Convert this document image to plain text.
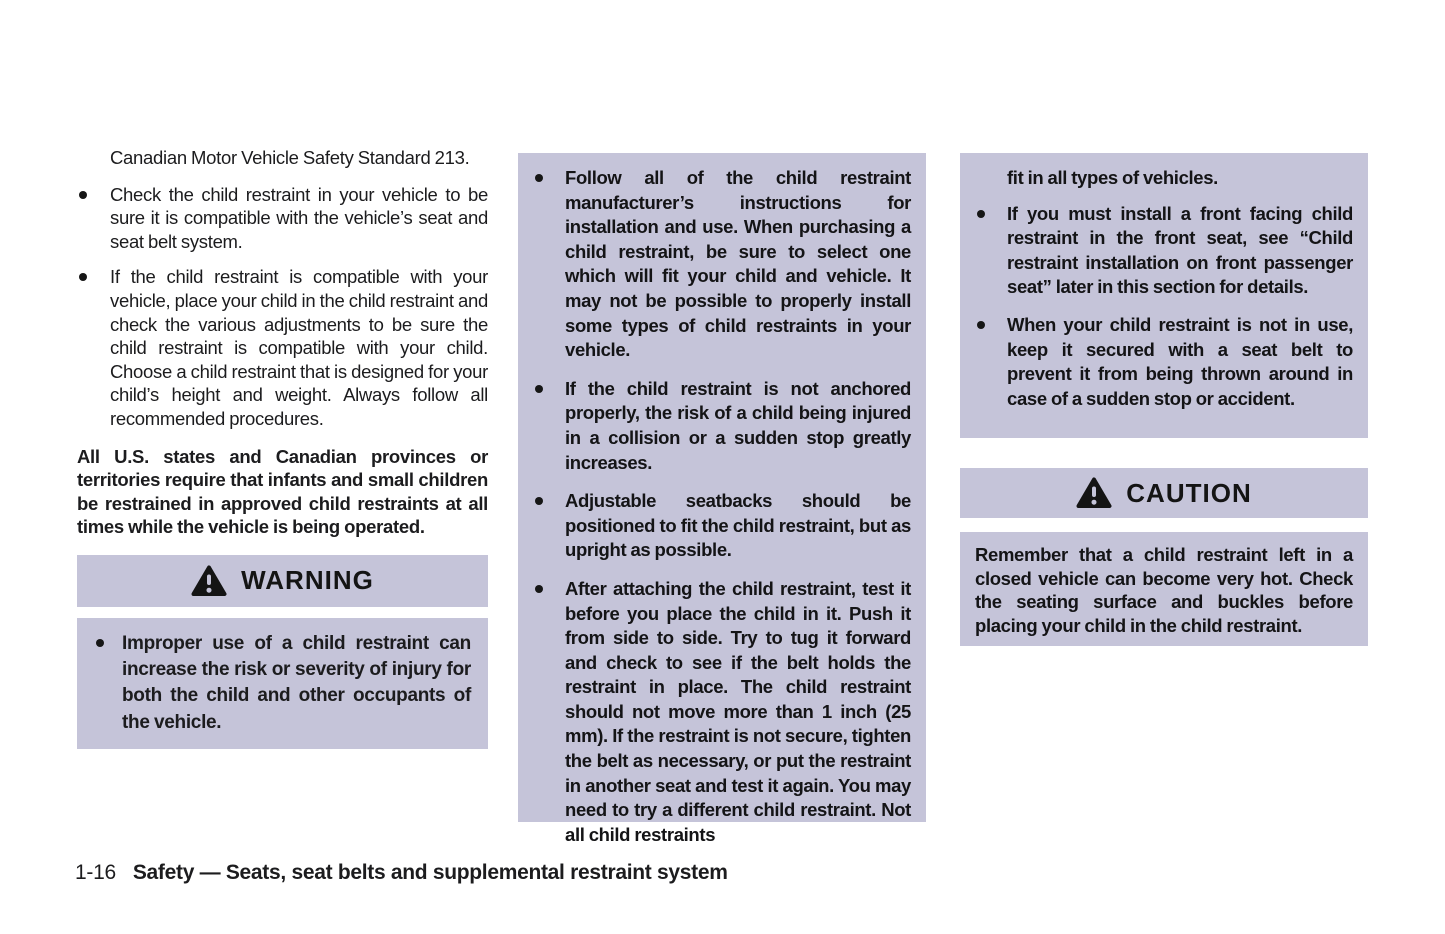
Canadian Motor Vehicle Safety Standard 213.

Check the child restraint in your vehicle to be sure it is compatible with the vehicle’s seat and seat belt system.

If the child restraint is compatible with your vehicle, place your child in the child restraint and check the various adjustments to be sure the child restraint is compatible with your child. Choose a child restraint that is designed for your child’s height and weight. Always follow all recommended procedures.

All U.S. states and Canadian provinces or territories require that infants and small children be restrained in approved child restraints at all times while the vehicle is being operated.

WARNING

Improper use of a child restraint can increase the risk or severity of injury for both the child and other occupants of the vehicle.

Follow all of the child restraint manufacturer’s instructions for installation and use. When purchasing a child restraint, be sure to select one which will fit your child and vehicle. It may not be possible to properly install some types of child restraints in your vehicle.

If the child restraint is not anchored properly, the risk of a child being injured in a collision or a sudden stop greatly increases.

Adjustable seatbacks should be positioned to fit the child restraint, but as upright as possible.

After attaching the child restraint, test it before you place the child in it. Push it from side to side. Try to tug it forward and check to see if the belt holds the restraint in place. The child restraint should not move more than 1 inch (25 mm). If the restraint is not secure, tighten the belt as necessary, or put the restraint in another seat and test it again. You may need to try a different child restraint. Not all child restraints

fit in all types of vehicles.

If you must install a front facing child restraint in the front seat, see “Child restraint installation on front passenger seat” later in this section for details.

When your child restraint is not in use, keep it secured with a seat belt to prevent it from being thrown around in case of a sudden stop or accident.

CAUTION

Remember that a child restraint left in a closed vehicle can become very hot. Check the seating surface and buckles before placing your child in the child restraint.

1-16 Safety — Seats, seat belts and supplemental restraint system
